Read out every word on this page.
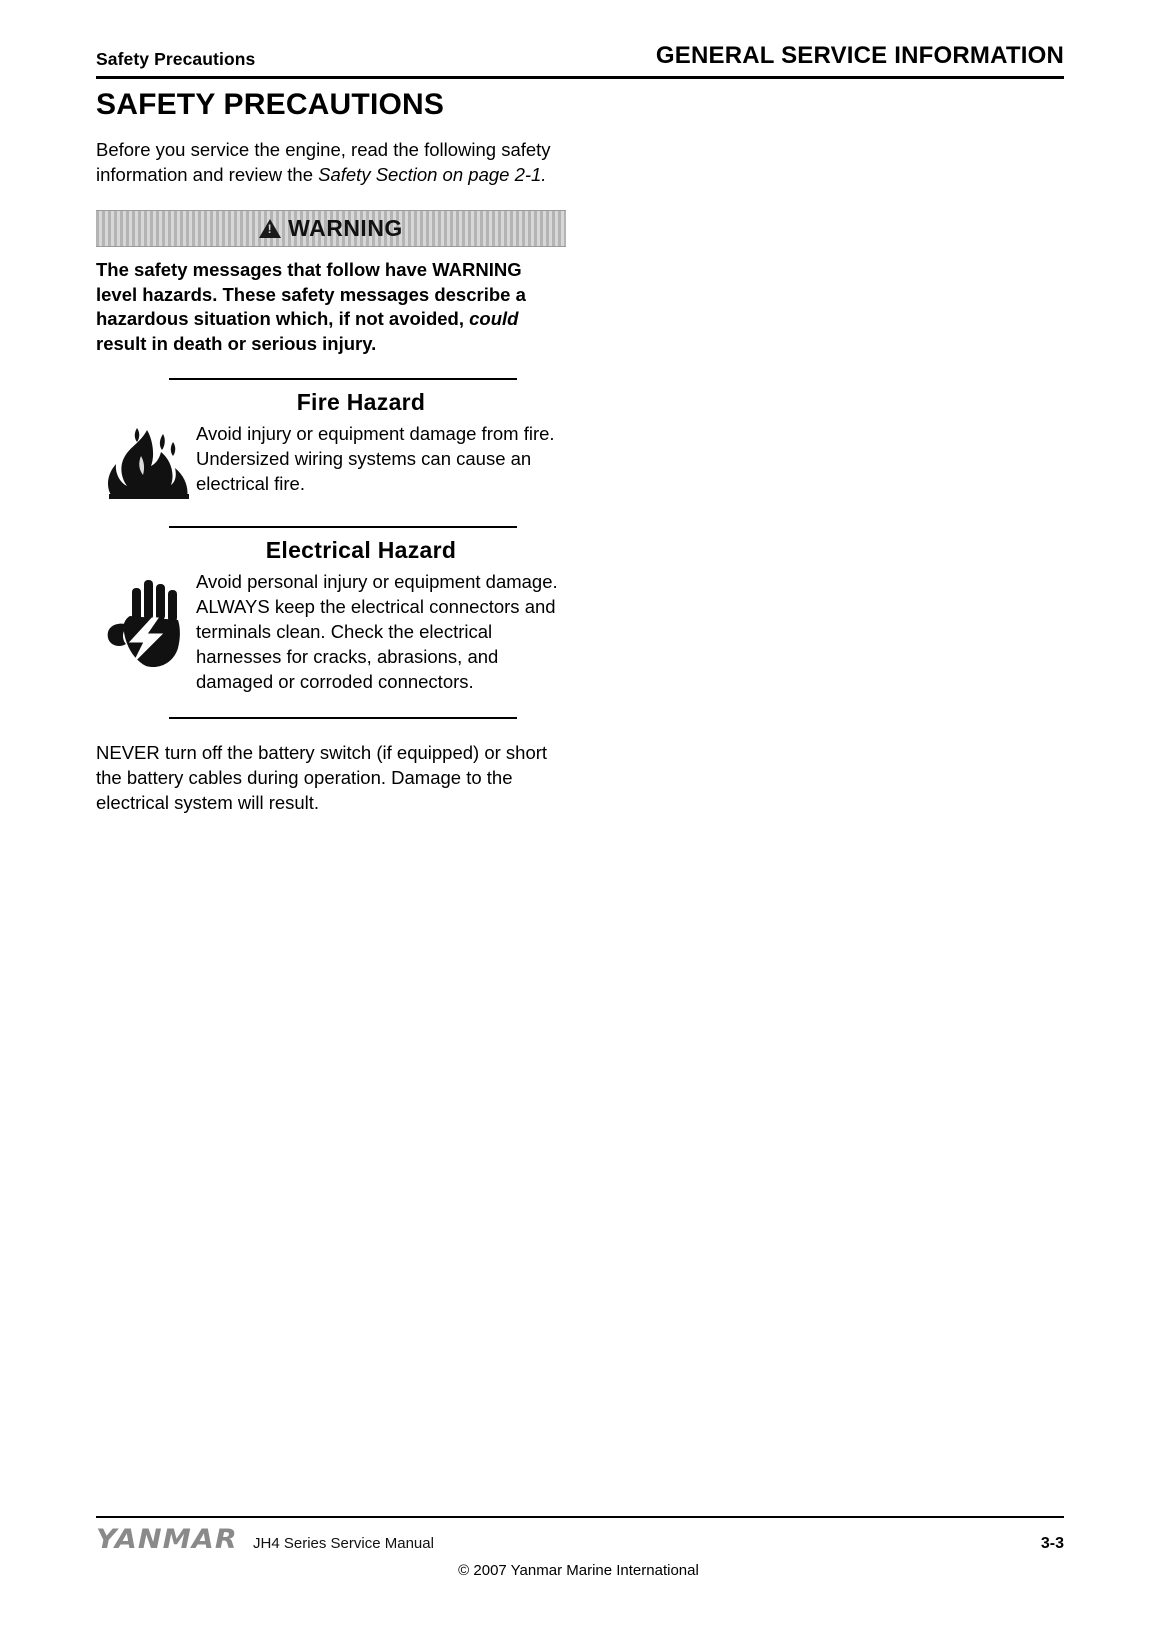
Safety Precautions	GENERAL SERVICE INFORMATION
SAFETY PRECAUTIONS

Before you service the engine, read the following safety information and review the Safety Section on page 2-1.

!
WARNING

The safety messages that follow have WARNING level hazards. These safety messages describe a hazardous situation which, if not avoided, could result in death or serious injury.

Fire Hazard
Avoid injury or equipment damage from fire. Undersized wiring systems can cause an electrical fire.
Electrical Hazard
Avoid personal injury or equipment damage. ALWAYS keep the electrical connectors and terminals clean. Check the electrical harnesses for cracks, abrasions, and damaged or corroded connectors.

NEVER turn off the battery switch (if equipped) or short the battery cables during operation. Damage to the electrical system will result.

YANMAR JH4 Series Service Manual	3-3
© 2007 Yanmar Marine International
